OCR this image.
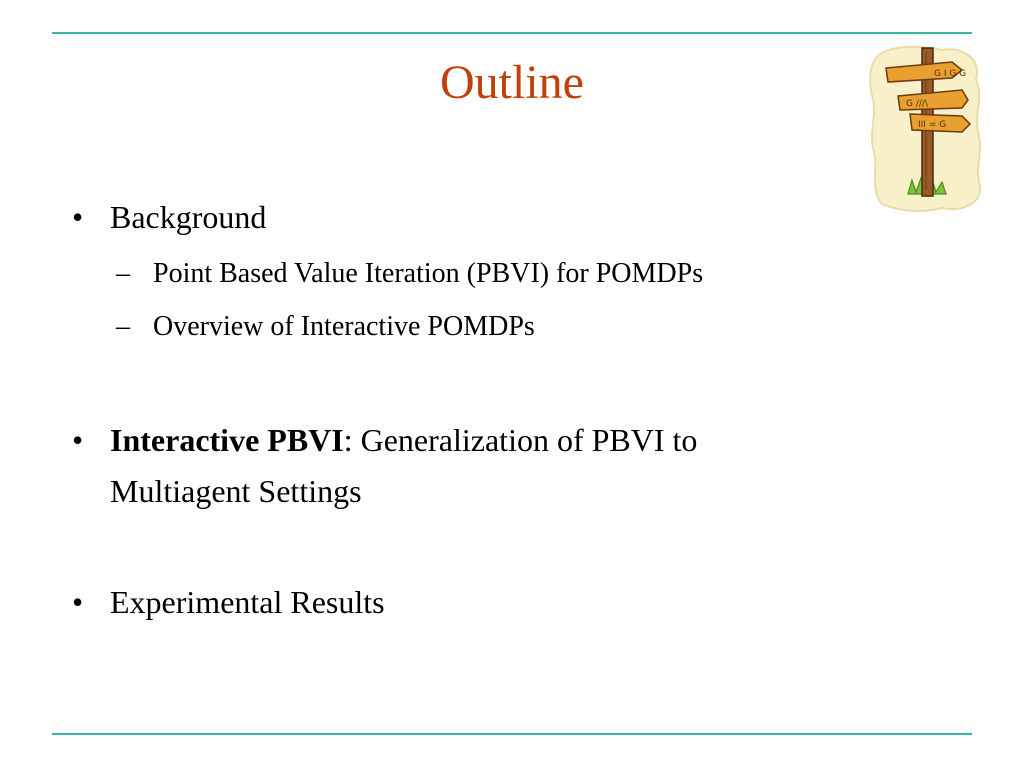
Outline	G I G G
G ///\
III = G
• Background
– Point Based Value Iteration (PBVI) for POMDPs
– Overview of Interactive POMDPs
• Interactive PBVI: Generalization of PBVI to
Multiagent Settings
• Experimental Results
